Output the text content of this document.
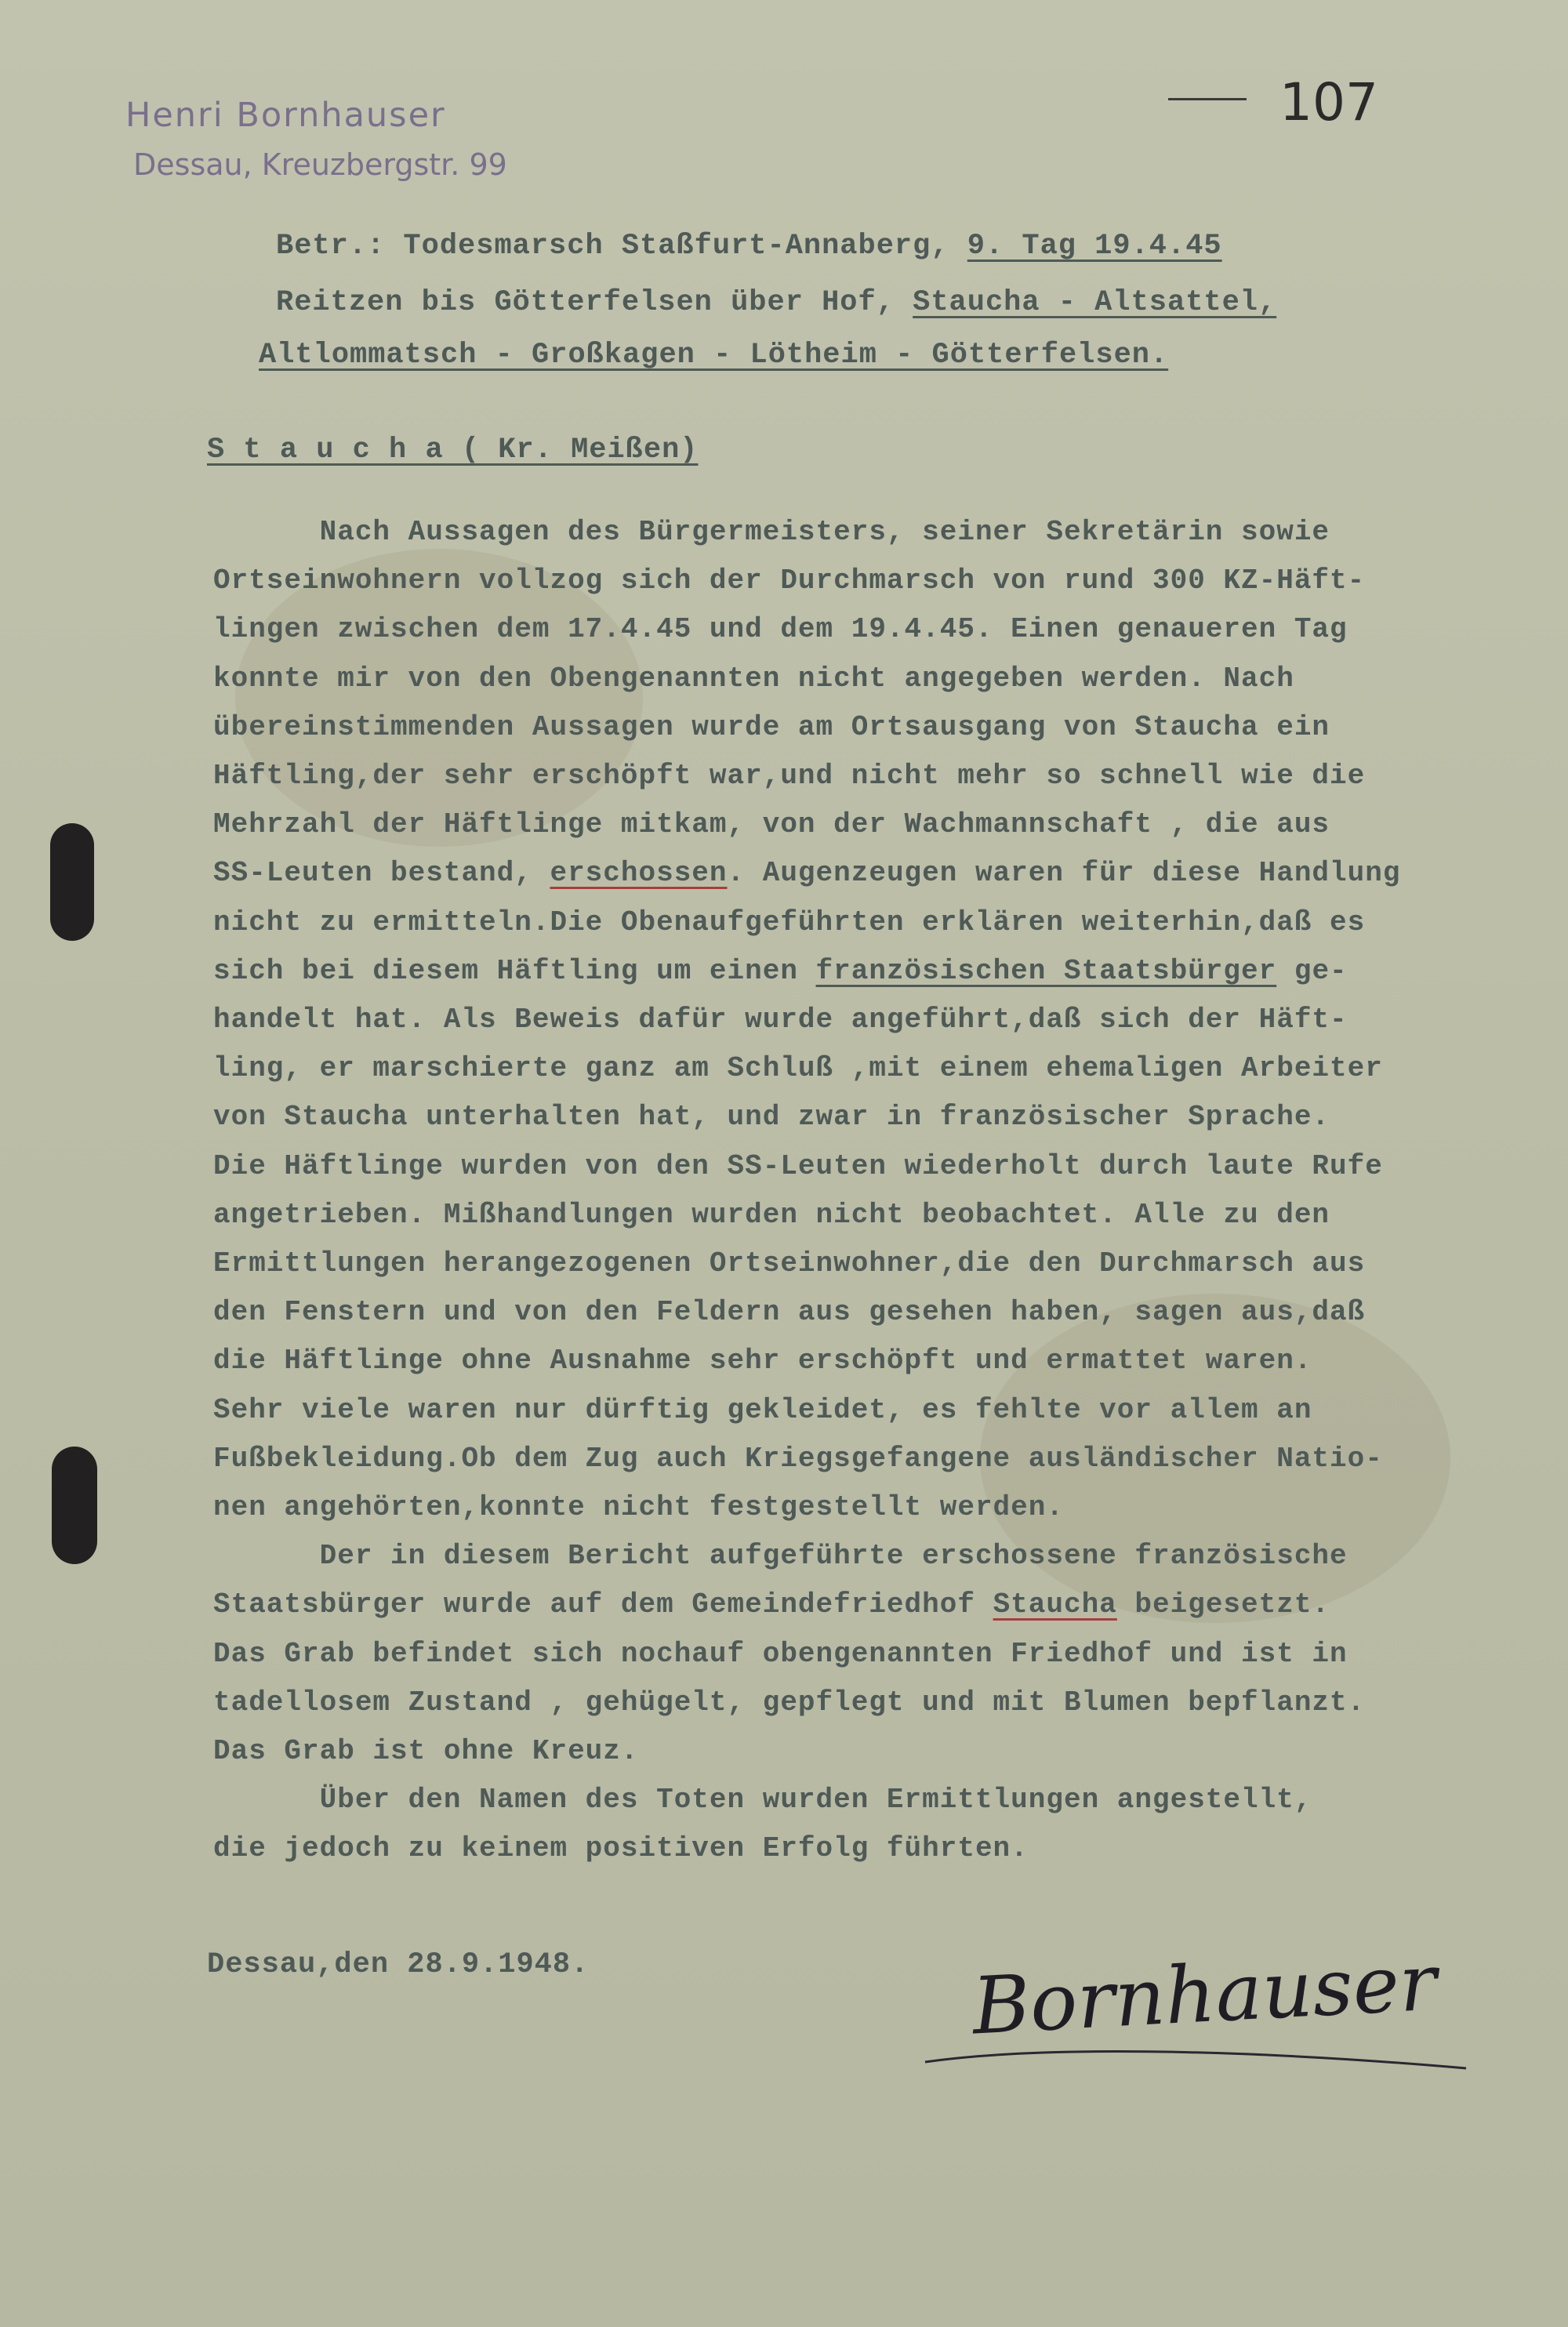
Henri Bornhauser
Dessau, Kreuzbergstr. 99
107
Betr.: Todesmarsch Staßfurt-Annaberg, 9. Tag 19.4.45
Reitzen bis Götterfelsen über Hof, Staucha - Altsattel,
Altlommatsch - Großkagen - Lötheim - Götterfelsen.
S t a u c h a ( Kr. Meißen)
Nach Aussagen des Bürgermeisters, seiner Sekretärin sowie
Ortseinwohnern vollzog sich der Durchmarsch von rund 300 KZ-Häft-
lingen zwischen dem 17.4.45 und dem 19.4.45. Einen genaueren Tag
konnte mir von den Obengenannten nicht angegeben werden. Nach
übereinstimmenden Aussagen wurde am Ortsausgang von Staucha ein
Häftling,der sehr erschöpft war,und nicht mehr so schnell wie die
Mehrzahl der Häftlinge mitkam, von der Wachmannschaft , die aus
SS-Leuten bestand, erschossen. Augenzeugen waren für diese Handlung
nicht zu ermitteln.Die Obenaufgeführten erklären weiterhin,daß es
sich bei diesem Häftling um einen französischen Staatsbürger ge-
handelt hat. Als Beweis dafür wurde angeführt,daß sich der Häft-
ling, er marschierte ganz am Schluß ,mit einem ehemaligen Arbeiter
von Staucha unterhalten hat, und zwar in französischer Sprache.
Die Häftlinge wurden von den SS-Leuten wiederholt durch laute Rufe
angetrieben. Mißhandlungen wurden nicht beobachtet. Alle zu den
Ermittlungen herangezogenen Ortseinwohner,die den Durchmarsch aus
den Fenstern und von den Feldern aus gesehen haben, sagen aus,daß
die Häftlinge ohne Ausnahme sehr erschöpft und ermattet waren.
Sehr viele waren nur dürftig gekleidet, es fehlte vor allem an
Fußbekleidung.Ob dem Zug auch Kriegsgefangene ausländischer Natio-
nen angehörten,konnte nicht festgestellt werden.
Der in diesem Bericht aufgeführte erschossene französische
Staatsbürger wurde auf dem Gemeindefriedhof Staucha beigesetzt.
Das Grab befindet sich nochauf obengenannten Friedhof und ist in
tadellosem Zustand , gehügelt, gepflegt und mit Blumen bepflanzt.
Das Grab ist ohne Kreuz.
Über den Namen des Toten wurden Ermittlungen angestellt,
die jedoch zu keinem positiven Erfolg führten.
Dessau,den 28.9.1948.	Bornhauser
